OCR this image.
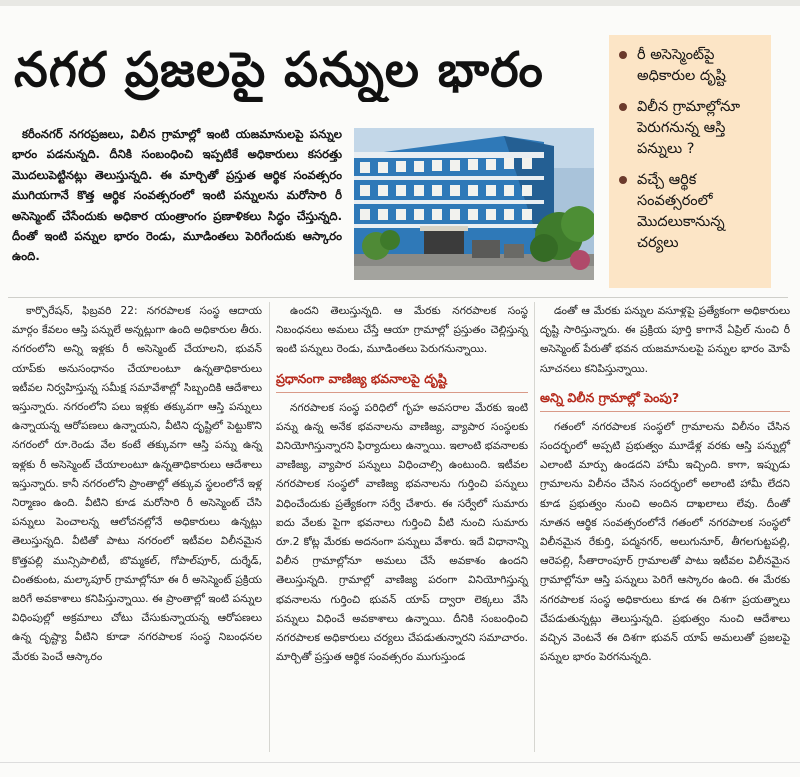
నగర ప్రజలపై పన్నుల భారం	రీ అసెస్మెంట్‌పై అధికారుల దృష్టి
విలీన గ్రామాల్లోనూ పెరుగనున్న ఆస్తి పన్నులు ?
వచ్చే ఆర్థిక సంవత్సరంలో మొదలుకానున్న చర్యలు
కరీంనగర్‌ నగరప్రజలు, విలీన గ్రామాల్లో ఇంటి యజమానులపై పన్నుల భారం పడనున్నది. దీనికి సంబంధించి ఇప్పటికే అధికారులు కసరత్తు మొదలుపెట్టినట్లు తెలుస్తున్నది. ఈ మార్చితో ప్రస్తుత ఆర్థిక సంవత్సరం ముగియగానే కొత్త ఆర్థిక సంవత్సరంలో ఇంటి పన్నులను మరోసారి రీ అసెస్మెంట్‌ చేసేందుకు అధికార యంత్రాంగం ప్రణాళికలు సిద్ధం చేస్తున్నది. దీంతో ఇంటి పన్నుల భారం రెండు, మూడింతలు పెరిగేందుకు ఆస్కారం ఉంది.

కార్పొరేషన్‌, ఫిబ్రవరి 22: నగరపాలక సంస్థ ఆదాయ మార్గం కేవలం ఆస్తి పన్నులే అన్నట్లుగా ఉంది అధికారుల తీరు. నగరంలోని అన్ని ఇళ్లకు రీ అసెస్మెంట్‌ చేయాలని, భువన్‌ యాప్‌కు అనుసంధానం చేయాలంటూ ఉన్నతాధికారులు ఇటీవల నిర్వహిస్తున్న సమీక్ష సమావేశాల్లో సిబ్బందికి ఆదేశాలు ఇస్తున్నారు. నగరంలోని పలు ఇళ్లకు తక్కువగా ఆస్తి పన్నులు ఉన్నాయన్న ఆరోపణలు ఉన్నాయని, వీటిని దృష్టిలో పెట్టుకొని నగరంలో రూ.రెండు వేల కంటే తక్కువగా ఆస్తి పన్ను ఉన్న ఇళ్లకు రీ అసెస్మెంట్‌ చేయాలంటూ ఉన్నతాధికారులు ఆదేశాలు ఇస్తున్నారు. కానీ నగరంలోని ప్రాంతాల్లో తక్కువ స్థలంలోనే ఇళ్ల నిర్మాణం ఉంది. వీటిని కూడ మరోసారి రీ అసెస్మెంట్‌ చేసి పన్నులు పెంచాలన్న ఆలోచనల్లోనే అధికారులు ఉన్నట్లు తెలుస్తున్నది. వీటితో పాటు నగరంలో ఇటీవల విలీనమైన కొత్తపల్లి మున్సిపాలిటీ, బొమ్మకల్‌, గోపాల్‌పూర్‌, దుర్శేడ్‌, చింతకుంట, మల్కాపూర్‌ గ్రామాల్లోనూ ఈ రీ అసెస్మెంట్‌ ప్రక్రియ జరిగే అవకాశాలు కనిపిస్తున్నాయి. ఈ ప్రాంతాల్లో ఇంటి పన్నుల విధింపుల్లో అక్రమాలు చోటు చేసుకున్నాయన్న ఆరోపణలు ఉన్న దృష్ట్యా వీటిని కూడా నగరపాలక సంస్థ నిబంధనల మేరకు పెంచే ఆస్కారం

ఉందని తెలుస్తున్నది. ఆ మేరకు నగరపాలక సంస్థ నిబంధనలు అమలు చేస్తే ఆయా గ్రామాల్లో ప్రస్తుతం చెల్లిస్తున్న ఇంటి పన్నులు రెండు, మూడింతలు పెరుగనున్నాయి.

ప్రధానంగా వాణిజ్య భవనాలపై దృష్టి

నగరపాలక సంస్థ పరిధిలో గృహ అవసరాల మేరకు ఇంటి పన్ను ఉన్న అనేక భవనాలను వాణిజ్య, వ్యాపార సంస్థలకు వినియోగిస్తున్నారని ఫిర్యాదులు ఉన్నాయి. ఇలాంటి భవనాలకు వాణిజ్య, వ్యాపార పన్నులు విధించాల్సి ఉంటుంది. ఇటీవల నగరపాలక సంస్థలో వాణిజ్య భవనాలను గుర్తించి పన్నులు విధించేందుకు ప్రత్యేకంగా సర్వే చేశారు. ఈ సర్వేలో సుమారు ఐదు వేలకు పైగా భవనాలు గుర్తించి వీటి నుంచి సుమారు రూ.2 కోట్ల మేరకు అదనంగా పన్నులు వేశారు. ఇదే విధానాన్ని విలీన గ్రామాల్లోనూ అమలు చేసే అవకాశం ఉందని తెలుస్తున్నది. గ్రామాల్లో వాణిజ్య పరంగా వినియోగిస్తున్న భవనాలను గుర్తించి భువన్‌ యాప్‌ ద్వారా లెక్కలు వేసి పన్నులు విధించే అవకాశాలు ఉన్నాయి. దీనికి సంబంధించి నగరపాలక అధికారులు చర్యలు చేపడుతున్నారని సమాచారం. మార్చితో ప్రస్తుత ఆర్థిక సంవత్సరం ముగుస్తుండ

డంతో ఆ మేరకు పన్నుల వసూళ్లపై ప్రత్యేకంగా అధికారులు దృష్టి సారిస్తున్నారు. ఈ ప్రక్రియ పూర్తి కాగానే ఏప్రిల్‌ నుంచి రీ అసెస్మెంట్‌ పేరుతో భవన యజమానులపై పన్నుల భారం మోపే సూచనలు కనిపిస్తున్నాయి.

అన్ని విలీన గ్రామాల్లో పెంపు?

గతంలో నగరపాలక సంస్థలో గ్రామాలను విలీనం చేసిన సందర్భంలో అప్పటి ప్రభుత్వం మూడేళ్ల వరకు ఆస్తి పన్నుల్లో ఎలాంటి మార్పు ఉండదని హామీ ఇచ్చింది. కాగా, ఇప్పుడు గ్రామాలను విలీనం చేసిన సందర్భంలో అలాంటి హామీ లేదని కూడ ప్రభుత్వం నుంచి అందిన దాఖలాలు లేవు. దీంతో నూతన ఆర్థిక సంవత్సరంలోనే గతంలో నగరపాలక సంస్థలో విలీనమైన రేకుర్తి, పద్మనగర్‌, అలుగునూర్‌, తీగలగుట్టపల్లి, ఆరెపల్లి, సీతారాంపూర్‌ గ్రామాలతో పాటు ఇటీవల విలీనమైన గ్రామాల్లోనూ ఆస్తి పన్నులు పెరిగే ఆస్కారం ఉంది. ఈ మేరకు నగరపాలక సంస్థ అధికారులు కూడ ఈ దిశగా ప్రయత్నాలు చేపడుతున్నట్లు తెలుస్తున్నది. ప్రభుత్వం నుంచి ఆదేశాలు వచ్చిన వెంటనే ఈ దిశగా భువన్‌ యాప్‌ అమలుతో ప్రజలపై పన్నుల భారం పెరగనున్నది.
